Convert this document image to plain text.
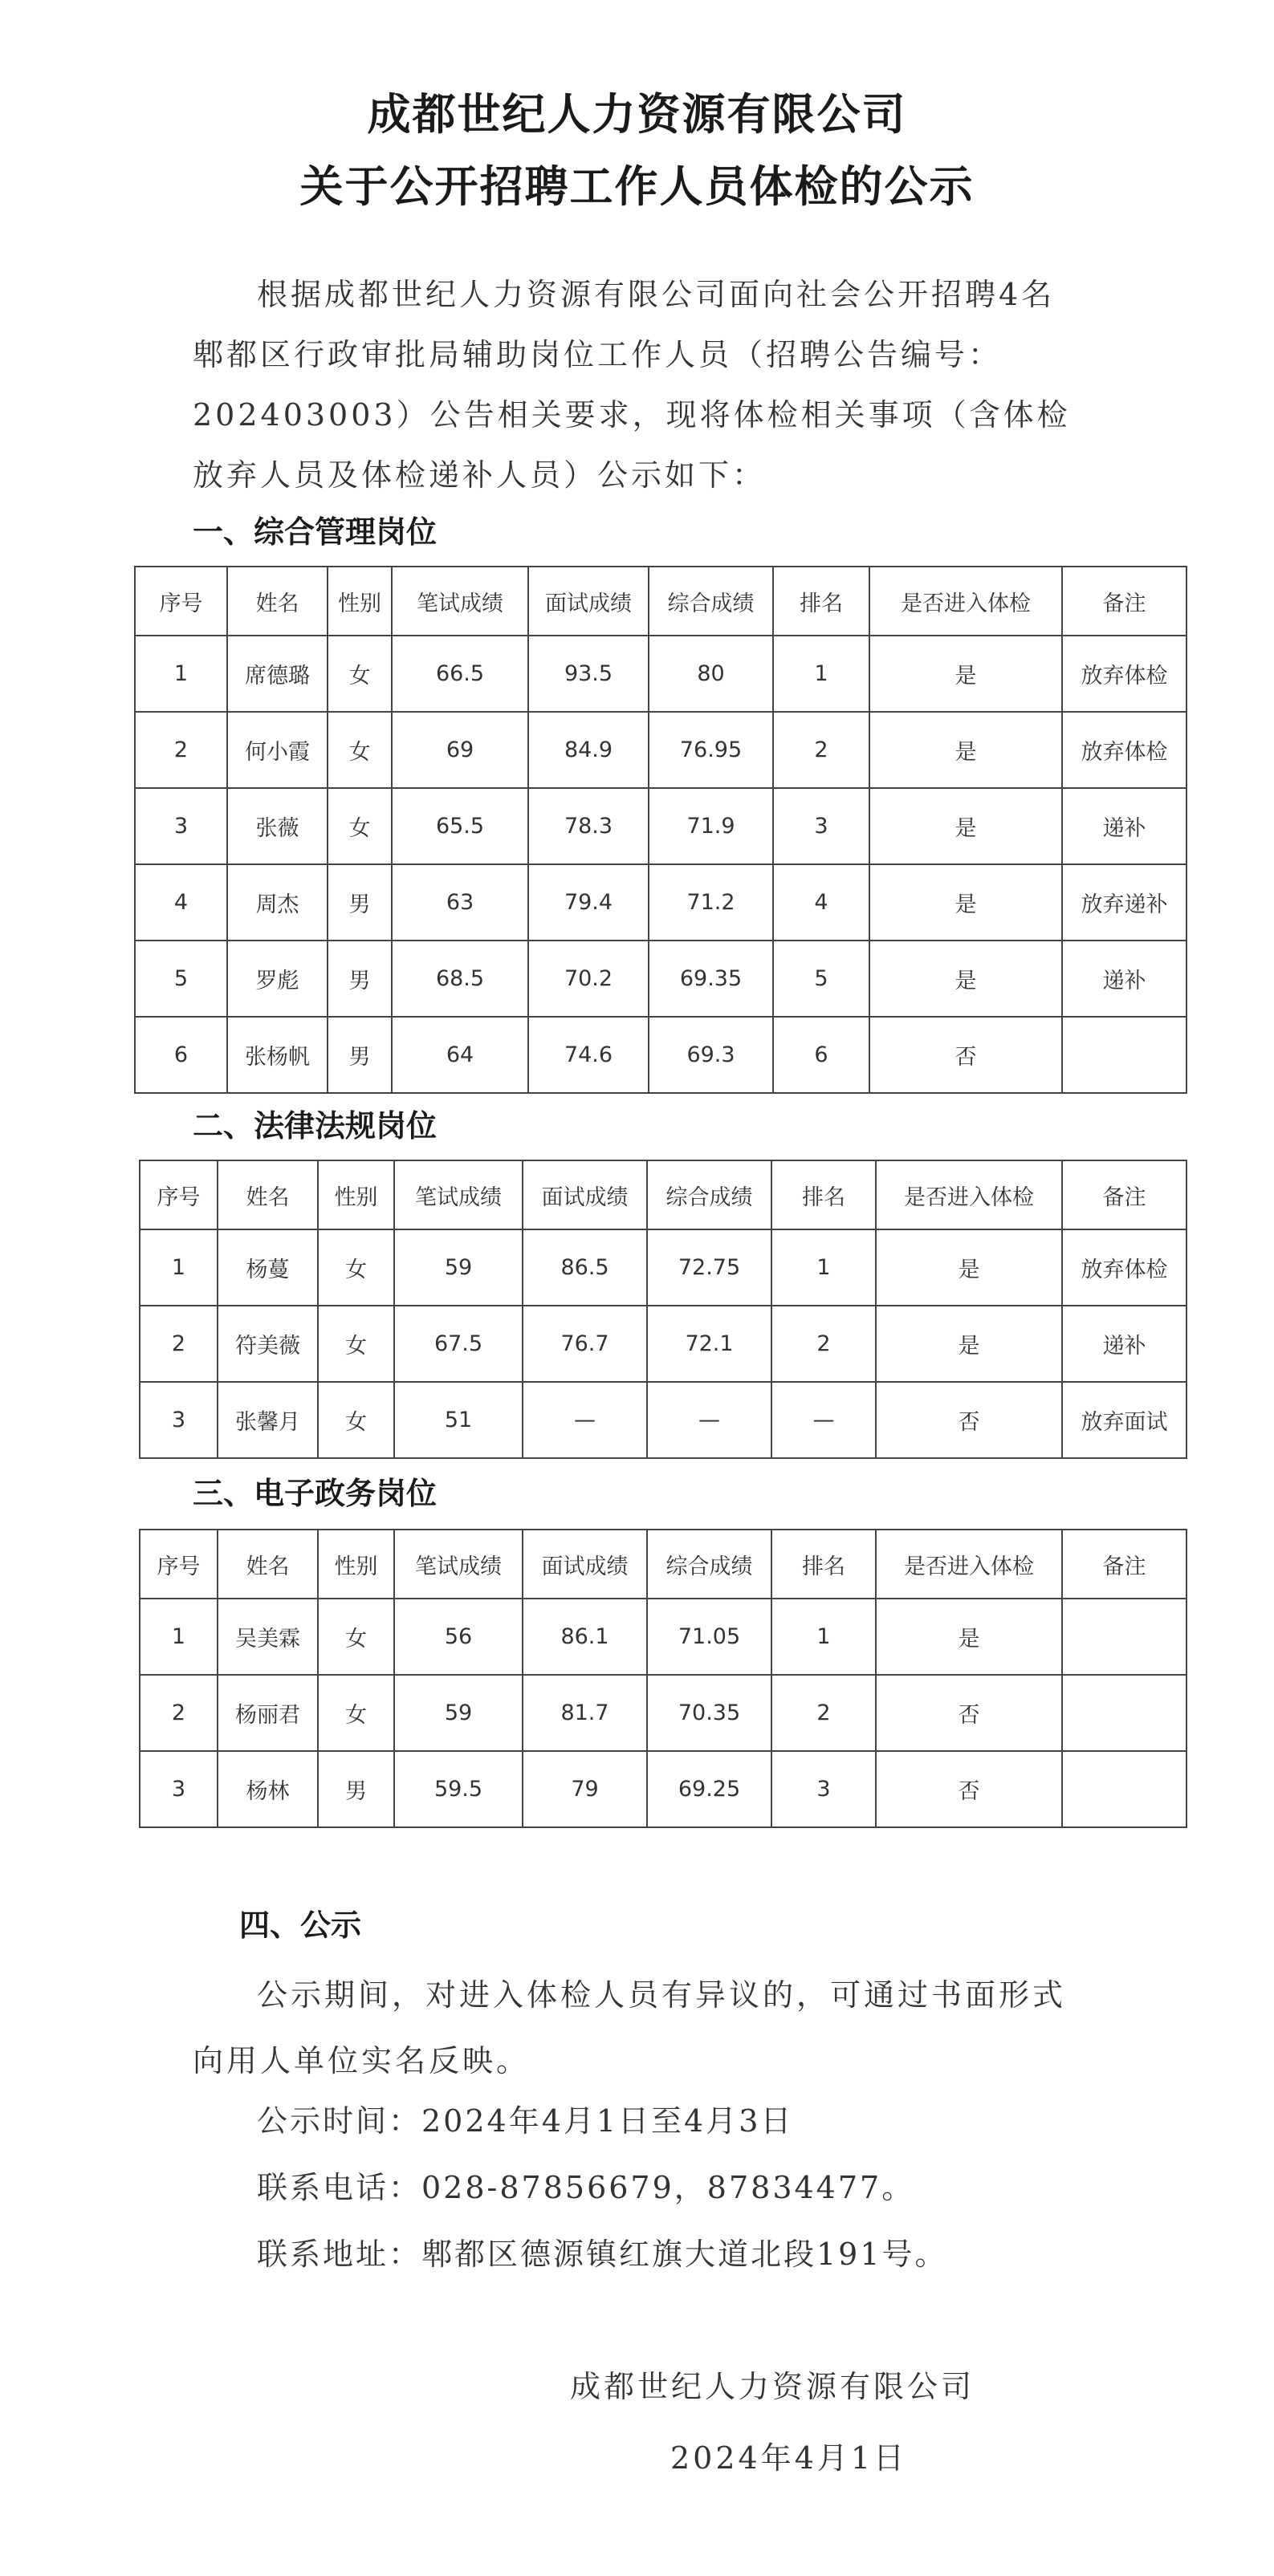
成都世纪人力资源有限公司
关于公开招聘工作人员体检的公示

根据成都世纪人力资源有限公司面向社会公开招聘4名郫都区行政审批局辅助岗位工作人员（招聘公告编号：202403003）公告相关要求，现将体检相关事项（含体检放弃人员及体检递补人员）公示如下：

一、综合管理岗位
序号	姓名	性别	笔试成绩	面试成绩	综合成绩	排名	是否进入体检	备注
1	席德璐	女	66.5	93.5	80	1	是	放弃体检
2	何小霞	女	69	84.9	76.95	2	是	放弃体检
3	张薇	女	65.5	78.3	71.9	3	是	递补
4	周杰	男	63	79.4	71.2	4	是	放弃递补
5	罗彪	男	68.5	70.2	69.35	5	是	递补
6	张杨帆	男	64	74.6	69.3	6	否	
二、法律法规岗位
序号	姓名	性别	笔试成绩	面试成绩	综合成绩	排名	是否进入体检	备注
1	杨蔓	女	59	86.5	72.75	1	是	放弃体检
2	符美薇	女	67.5	76.7	72.1	2	是	递补
3	张馨月	女	51	—	—	—	否	放弃面试
三、电子政务岗位
序号	姓名	性别	笔试成绩	面试成绩	综合成绩	排名	是否进入体检	备注
1	吴美霖	女	56	86.1	71.05	1	是	
2	杨丽君	女	59	81.7	70.35	2	否	
3	杨林	男	59.5	79	69.25	3	否	
四、公示

公示期间，对进入体检人员有异议的，可通过书面形式向用人单位实名反映。

公示时间：2024年4月1日至4月3日
联系电话：028-87856679，87834477。
联系地址：郫都区德源镇红旗大道北段191号。
成都世纪人力资源有限公司
2024年4月1日
